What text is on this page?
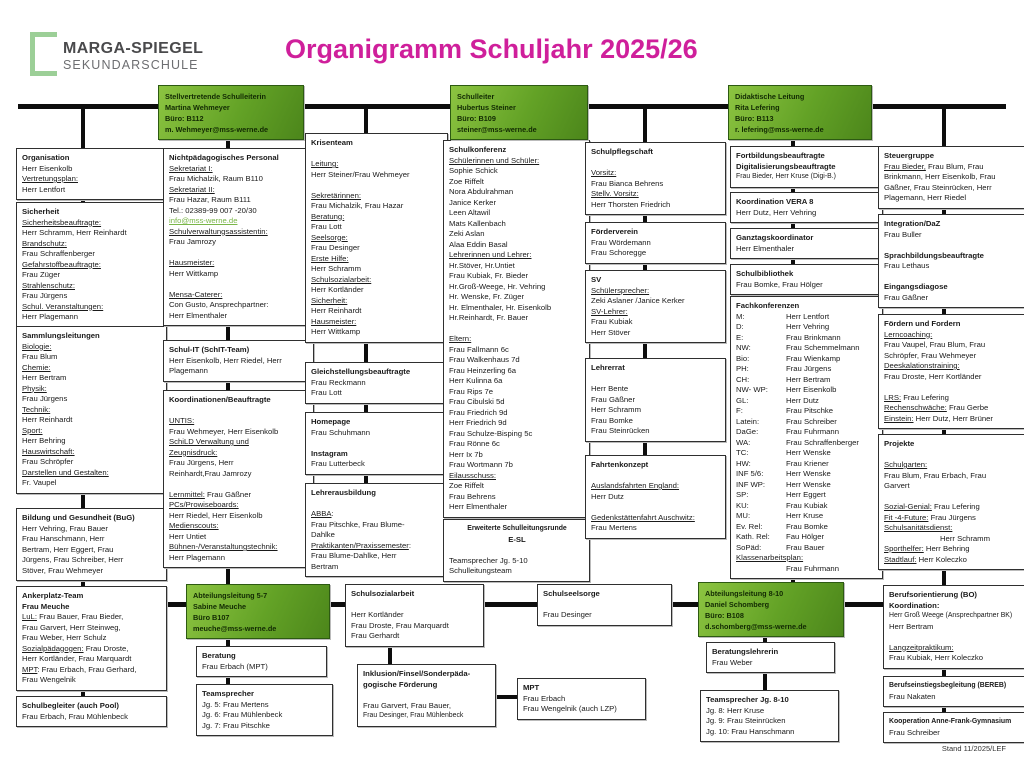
MARGA-SPIEGEL
SEKUNDARSCHULE
Organigramm Schuljahr 2025/26
Stand 11/2025/LEF
Stellvertretende Schulleiterin
Martina Wehmeyer
Büro: B112
m. Wehmeyer@mss-werne.de
Schulleiter
Hubertus Steiner
Büro: B109
steiner@mss-werne.de
Didaktische Leitung
Rita Lefering
Büro: B113
r. lefering@mss-werne.de
Abteilungsleitung 5-7
Sabine Meuche
Büro B107
meuche@mss-werne.de
Abteilungsleitung 8-10
Daniel Schomberg
Büro: B108
d.schomberg@mss-werne.de
Organisation
Herr Eisenkolb
Vertretungsplan:
Herr Lentfort
Sicherheit
Sicherheitsbeauftragte:
Herr Schramm, Herr Reinhardt
Brandschutz:
Frau Schraffenberger
Gefahrstoffbeauftragte:
Frau Züger
Strahlenschutz:
Frau Jürgens
Schul. Veranstaltungen:
Herr Plagemann
Sammlungsleitungen
Biologie:
Frau Blum
Chemie:
Herr Bertram
Physik:
Frau Jürgens
Technik:
Herr Reinhardt
Sport:
Herr Behring
Hauswirtschaft:
Frau Schröpfer
Darstellen und Gestalten:
Fr. Vaupel
Bildung und Gesundheit (BuG)
Herr Vehring, Frau Bauer
Frau Hanschmann, Herr
Bertram, Herr Eggert, Frau
Jürgens, Frau Schreiber, Herr
Stöver, Frau Wehmeyer
Ankerplatz-Team
Frau Meuche
LuL: Frau Bauer, Frau Bieder,
Frau Garvert, Herr Steinweg,
Frau Weber, Herr Schulz
Sozialpädagogen: Frau Droste,
Herr Kortländer, Frau Marquardt
MPT: Frau Erbach, Frau Gerhard,
Frau Wengelnik
Schulbegleiter (auch Pool)
Frau Erbach, Frau Mühlenbeck
Nichtpädagogisches Personal
Sekretariat I:
Frau Michalzik, Raum B110
Sekretariat II:
Frau Hazar, Raum B111
Tel.: 02389-99 007 -20/30
info@mss-werne.de
Schulverwaltungsassistentin:
Frau Jamrozy

Hausmeister:
Herr Wittkamp

Mensa-Caterer:
Con Gusto, Ansprechpartner:
Herr Elmenthaler
Schul-IT (SchIT-Team)
Herr Eisenkolb, Herr Riedel, Herr
Plagemann
Koordinationen/Beauftragte

UNTIS:
Frau Wehmeyer, Herr Eisenkolb
SchiLD Verwaltung und
Zeugnisdruck:
Frau Jürgens, Herr
Reinhardt,Frau Jamrozy

Lernmittel: Frau Gäßner
PCs/Prowiseboards:
Herr Riedel, Herr Eisenkolb
Medienscouts:
Herr Untiet
Bühnen-/Veranstaltungstechnik:
Herr Plagemann
Beratung
Frau Erbach (MPT)
Teamsprecher
Jg. 5: Frau Mertens
Jg. 6: Frau Mühlenbeck
Jg. 7: Frau Pitschke
Krisenteam

Leitung:
Herr Steiner/Frau Wehmeyer

Sekretärinnen:
Frau Michalzik, Frau Hazar
Beratung:
Frau Lott
Seelsorge:
Frau Desinger
Erste Hilfe:
Herr Schramm
Schulsozialarbeit:
Herr Kortländer
Sicherheit:
Herr Reinhardt
Hausmeister:
Herr Wittkamp
Gleichstellungsbeauftragte
Frau Reckmann
Frau Lott
Homepage
Frau Schuhmann

Instagram
Frau Lutterbeck
Lehrerausbildung

ABBA:
Frau Pitschke, Frau Blume-
Dahlke
Praktikanten/Praxissemester:
Frau Blume-Dahlke, Herr
Bertram
Schulsozialarbeit

Herr Kortländer
Frau Droste, Frau Marquardt
Frau Gerhardt
Inklusion/Finsel/Sonderpäda-
gogische Förderung

Frau Garvert, Frau Bauer,
Frau Desinger, Frau Mühlenbeck
MPT
Frau Erbach
Frau Wengelnik (auch LZP)
Schulkonferenz
Schülerinnen und Schüler:
Sophie Schick
Zoe Riffelt
Nora Abdulrahman
Janice Kerker
Leen Altawil
Mats Kallenbach
Zeki Aslan
Alaa Eddin Basal
Lehrerinnen und Lehrer:
Hr.Stöver, Hr.Untiet
Frau Kubiak, Fr. Bieder
Hr.Groß-Weege, Hr. Vehring
Hr. Wenske, Fr. Züger
Hr. Elmenthaler, Hr. Eisenkolb
Hr.Reinhardt, Fr. Bauer

Eltern:
Frau Fallmann 6c
Frau Walkenhaus 7d
Frau Heinzerling 6a
Herr Kulinna 6a
Frau Rips 7e
Frau Cibulski 5d
Frau Friedrich 9d
Herr Friedrich 9d
Frau Schulze-Bisping 5c
Frau Rönne 6c
Herr Ix 7b
Frau Wortmann 7b
Eilausschuss:
Zoe Riffelt
Frau Behrens
Herr Elmenthaler
Erweiterte Schulleitungsrunde
E-SL

Teamsprecher Jg. 5-10
Schulleitungsteam
Schulseelsorge

Frau Desinger
Schulpflegschaft

Vorsitz:
Frau Bianca Behrens
Stellv. Vorsitz:
Herr Thorsten Friedrich
Förderverein
Frau Wördemann
Frau Schoregge
SV
Schülersprecher:
Zeki Aslaner /Janice Kerker
SV-Lehrer:
Frau Kubiak
Herr Stöver
Lehrerrat

Herr Bente
Frau Gäßner
Herr Schramm
Frau Bomke
Frau Steinrücken
Fahrtenkonzept

Auslandsfahrten England:
Herr Dutz

Gedenkstättenfahrt Auschwitz:
Frau Mertens
Fortbildungsbeauftragte
Digitalisierungsbeauftragte
Frau Bieder, Herr Kruse (Digi-B.)
Koordination VERA 8
Herr Dutz, Herr Vehring
Ganztagskoordinator
Herr Elmenthaler
Schulbibliothek
Frau Bomke, Frau Hölger
Fachkonferenzen
M:	Herr Lentfort
D:	Herr Vehring
E:	Frau Brinkmann
NW:	Frau Schemmelmann
Bio:	Frau Wienkamp
PH:	Frau Jürgens
CH:	Herr Bertram
NW- WP:	Herr Eisenkolb
GL:	Herr Dutz
F:	Frau Pitschke
Latein:	Frau Schreiber
DaGe:	Frau Fuhrmann
WA:	Frau Schraffenberger
TC:	Herr Wenske
HW:	Frau Kriener
INF 5/6:	Herr Wenske
INF WP:	Herr Wenske
SP:	Herr Eggert
KU:	Frau Kubiak
MU:	Herr Kruse
Ev. Rel:	Frau Bomke
Kath. Rel:	Fau Hölger
SoPäd:	Frau Bauer
Klassenarbeitsplan:
Frau Fuhrmann
Beratungslehrerin
Frau Weber
Teamsprecher Jg. 8-10
Jg. 8: Herr Kruse
Jg. 9: Frau Steinrücken
Jg. 10: Frau Hanschmann
Steuergruppe
Frau Bieder, Frau Blum, Frau
Brinkmann, Herr Eisenkolb, Frau
Gäßner, Frau Steinrücken, Herr
Plagemann, Herr Riedel
Integration/DaZ
Frau Buller

Sprachbildungsbeauftragte
Frau Lethaus

Eingangsdiagose
Frau Gäßner
Fördern und Fordern
Lerncoaching:
Frau Vaupel, Frau Blum, Frau
Schröpfer, Frau Wehmeyer
Deeskalationstraining:
Frau Droste, Herr Kortländer

LRS: Frau Lefering
Rechenschwäche: Frau Gerbe
Einstein: Herr Dutz, Herr Brüner
Projekte

Schulgarten:
Frau Blum, Frau Erbach, Frau
Garvert

Sozial-Genial: Frau Lefering
Fit -4-Future: Frau Jürgens
Schulsanitätsdienst:
Herr Schramm
Sporthelfer: Herr Behring
Stadtlauf: Herr Koleczko
Berufsorientierung (BO)
Koordination:
Herr Groß Weege (Ansprechpartner BK)
Herr Bertram

Langzeitpraktikum:
Frau Kubiak, Herr Koleczko
Berufseinstiegsbegleitung (BEREB)
Frau Nakaten
Kooperation Anne-Frank-Gymnasium
Frau Schreiber
